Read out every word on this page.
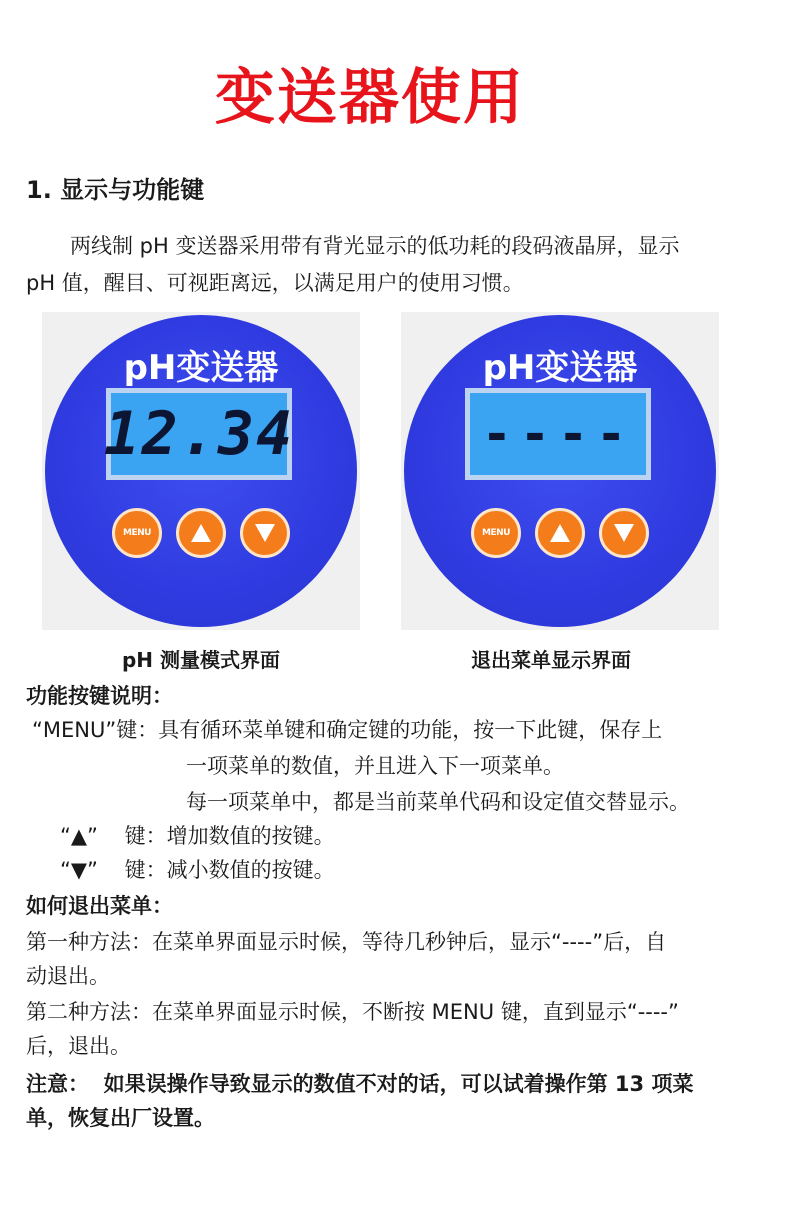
变送器使用
1. 显示与功能键
两线制 pH 变送器采用带有背光显示的低功耗的段码液晶屏，显示
pH 值，醒目、可视距离远，以满足用户的使用习惯。
pH变送器
12.34
MENU
pH 测量模式界面
pH变送器
----
MENU
退出菜单显示界面
功能按键说明：
“MENU”键：具有循环菜单键和确定键的功能，按一下此键，保存上
一项菜单的数值，并且进入下一项菜单。
每一项菜单中，都是当前菜单代码和设定值交替显示。
“▲”    键：增加数值的按键。
“▼”    键：减小数值的按键。
如何退出菜单：
第一种方法：在菜单界面显示时候，等待几秒钟后，显示“----”后，自
动退出。
第二种方法：在菜单界面显示时候，不断按 MENU 键，直到显示“----”
后，退出。
注意：  如果误操作导致显示的数值不对的话，可以试着操作第 13 项菜
单，恢复出厂设置。
